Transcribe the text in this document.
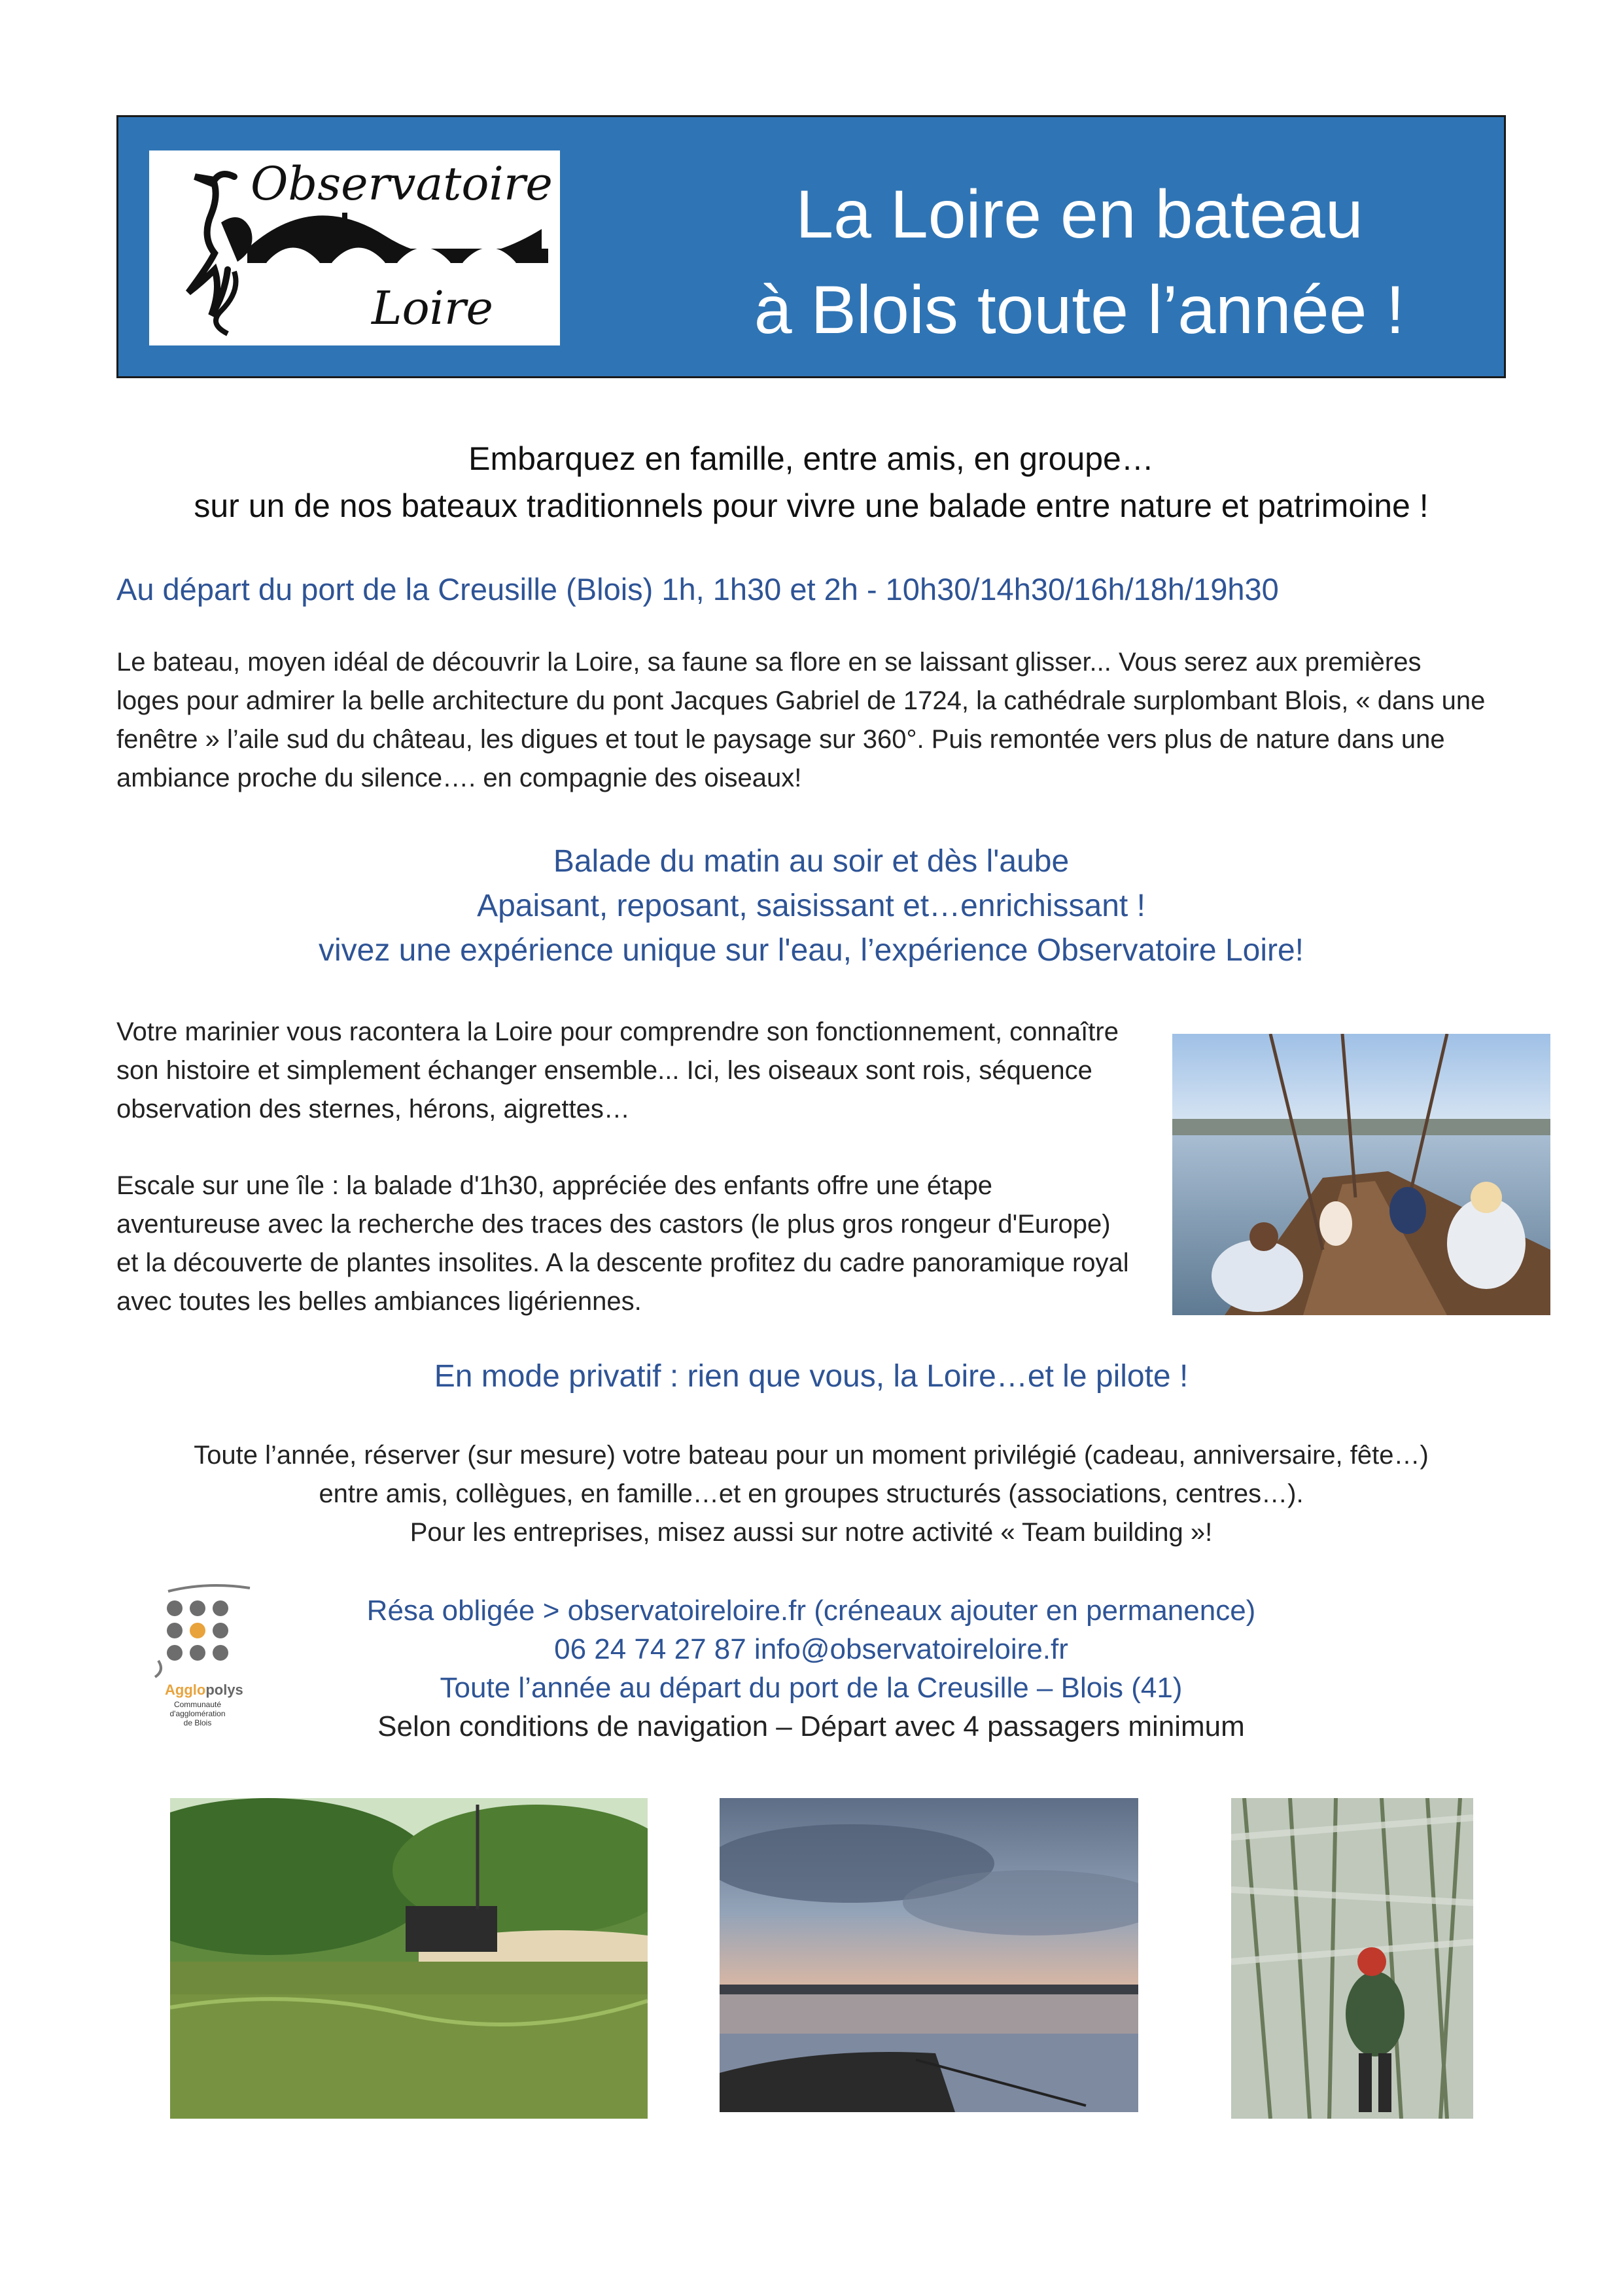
Observatoire
Loire
La Loire en bateau
à Blois toute l’année !
Embarquez en famille, entre amis, en groupe…
sur un de nos bateaux traditionnels pour vivre une balade entre nature et patrimoine !
Au départ du port de la Creusille (Blois) 1h, 1h30 et 2h - 10h30/14h30/16h/18h/19h30
Le bateau, moyen idéal de découvrir la Loire, sa faune sa flore en se laissant glisser... Vous serez aux premières loges pour admirer la belle architecture du pont Jacques Gabriel de 1724, la cathédrale surplombant Blois, « dans une fenêtre » l’aile sud du château, les digues et tout le paysage sur 360°. Puis remontée vers plus de nature dans une ambiance proche du silence…. en compagnie des oiseaux!
Balade du matin au soir et dès l'aube
Apaisant, reposant, saisissant et…enrichissant !
vivez une expérience unique sur l'eau, l’expérience Observatoire Loire!
Votre marinier vous racontera la Loire pour comprendre son fonctionnement, connaître son histoire et simplement échanger ensemble... Ici, les oiseaux sont rois, séquence observation des sternes, hérons, aigrettes…
Escale sur une île : la balade d'1h30, appréciée des enfants offre une étape aventureuse avec la recherche des traces des castors (le plus gros rongeur d'Europe) et la découverte de plantes insolites. A la descente profitez du cadre panoramique royal avec toutes les belles ambiances ligériennes.
En mode privatif : rien que vous, la Loire…et le pilote !
Toute l’année, réserver (sur mesure) votre bateau pour un moment privilégié (cadeau, anniversaire, fête…)
entre amis, collègues, en famille…et en groupes structurés (associations, centres…).
Pour les entreprises, misez aussi sur notre activité « Team building »!
Agglopolys
Communauté
d'agglomération
de Blois
Résa obligée > observatoireloire.fr (créneaux ajouter en permanence)
06 24 74 27 87 info@observatoireloire.fr
Toute l’année au départ du port de la Creusille – Blois (41)
Selon conditions de navigation – Départ avec 4 passagers minimum
